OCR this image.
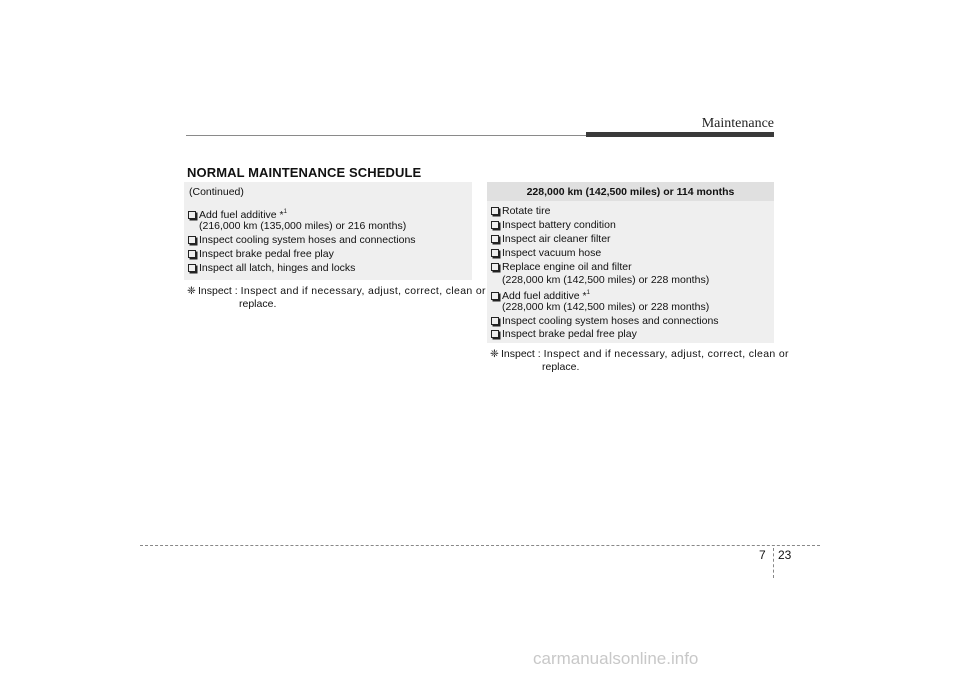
Maintenance
NORMAL MAINTENANCE SCHEDULE
(Continued)
Add fuel additive *$^1$
(216,000 km (135,000 miles) or 216 months)
Inspect cooling system hoses and connections
Inspect brake pedal free play
Inspect all latch, hinges and locks
❈ Inspect : Inspect and if necessary, adjust, correct, clean or
replace.
228,000 km (142,500 miles) or 114 months
Rotate tire
Inspect battery condition
Inspect air cleaner filter
Inspect vacuum hose
Replace engine oil and filter
(228,000 km (142,500 miles) or 228 months)
Add fuel additive *$^1$
(228,000 km (142,500 miles) or 228 months)
Inspect cooling system hoses and connections
Inspect brake pedal free play
❈ Inspect : Inspect and if necessary, adjust, correct, clean or
replace.
7 23
carmanualsonline.info
